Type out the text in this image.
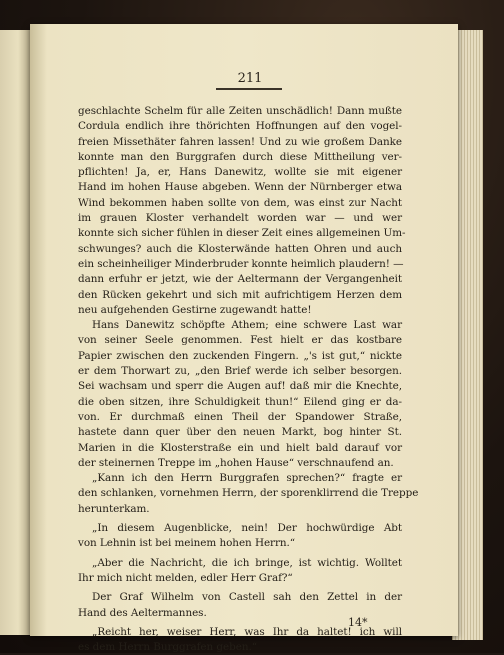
211
geschlachte Schelm für alle Zeiten unschädlich! Dann mußte
Cordula endlich ihre thörichten Hoffnungen auf den vogel-
freien Missethäter fahren lassen! Und zu wie großem Danke
konnte man den Burggrafen durch diese Mittheilung ver-
pflichten! Ja, er, Hans Danewitz, wollte sie mit eigener
Hand im hohen Hause abgeben. Wenn der Nürnberger etwa
Wind bekommen haben sollte von dem, was einst zur Nacht
im grauen Kloster verhandelt worden war — und wer
konnte sich sicher fühlen in dieser Zeit eines allgemeinen Um-
schwunges? auch die Klosterwände hatten Ohren und auch
ein scheinheiliger Minderbruder konnte heimlich plaudern! —
dann erfuhr er jetzt, wie der Aeltermann der Vergangenheit
den Rücken gekehrt und sich mit aufrichtigem Herzen dem
neu aufgehenden Gestirne zugewandt hatte!
Hans Danewitz schöpfte Athem; eine schwere Last war
von seiner Seele genommen. Fest hielt er das kostbare
Papier zwischen den zuckenden Fingern. „'s ist gut,“ nickte
er dem Thorwart zu, „den Brief werde ich selber besorgen.
Sei wachsam und sperr die Augen auf! daß mir die Knechte,
die oben sitzen, ihre Schuldigkeit thun!“ Eilend ging er da-
von. Er durchmaß einen Theil der Spandower Straße,
hastete dann quer über den neuen Markt, bog hinter St.
Marien in die Klosterstraße ein und hielt bald darauf vor
der steinernen Treppe im „hohen Hause“ verschnaufend an.
„Kann ich den Herrn Burggrafen sprechen?“ fragte er
den schlanken, vornehmen Herrn, der sporenklirrend die Treppe
herunterkam.
„In diesem Augenblicke, nein! Der hochwürdige Abt
von Lehnin ist bei meinem hohen Herrn.“
„Aber die Nachricht, die ich bringe, ist wichtig. Wolltet
Ihr mich nicht melden, edler Herr Graf?“
Der Graf Wilhelm von Castell sah den Zettel in der
Hand des Aeltermannes.
„Reicht her, weiser Herr, was Ihr da haltet! ich will
es dem Herrn Burggrafen geben.“
14*
